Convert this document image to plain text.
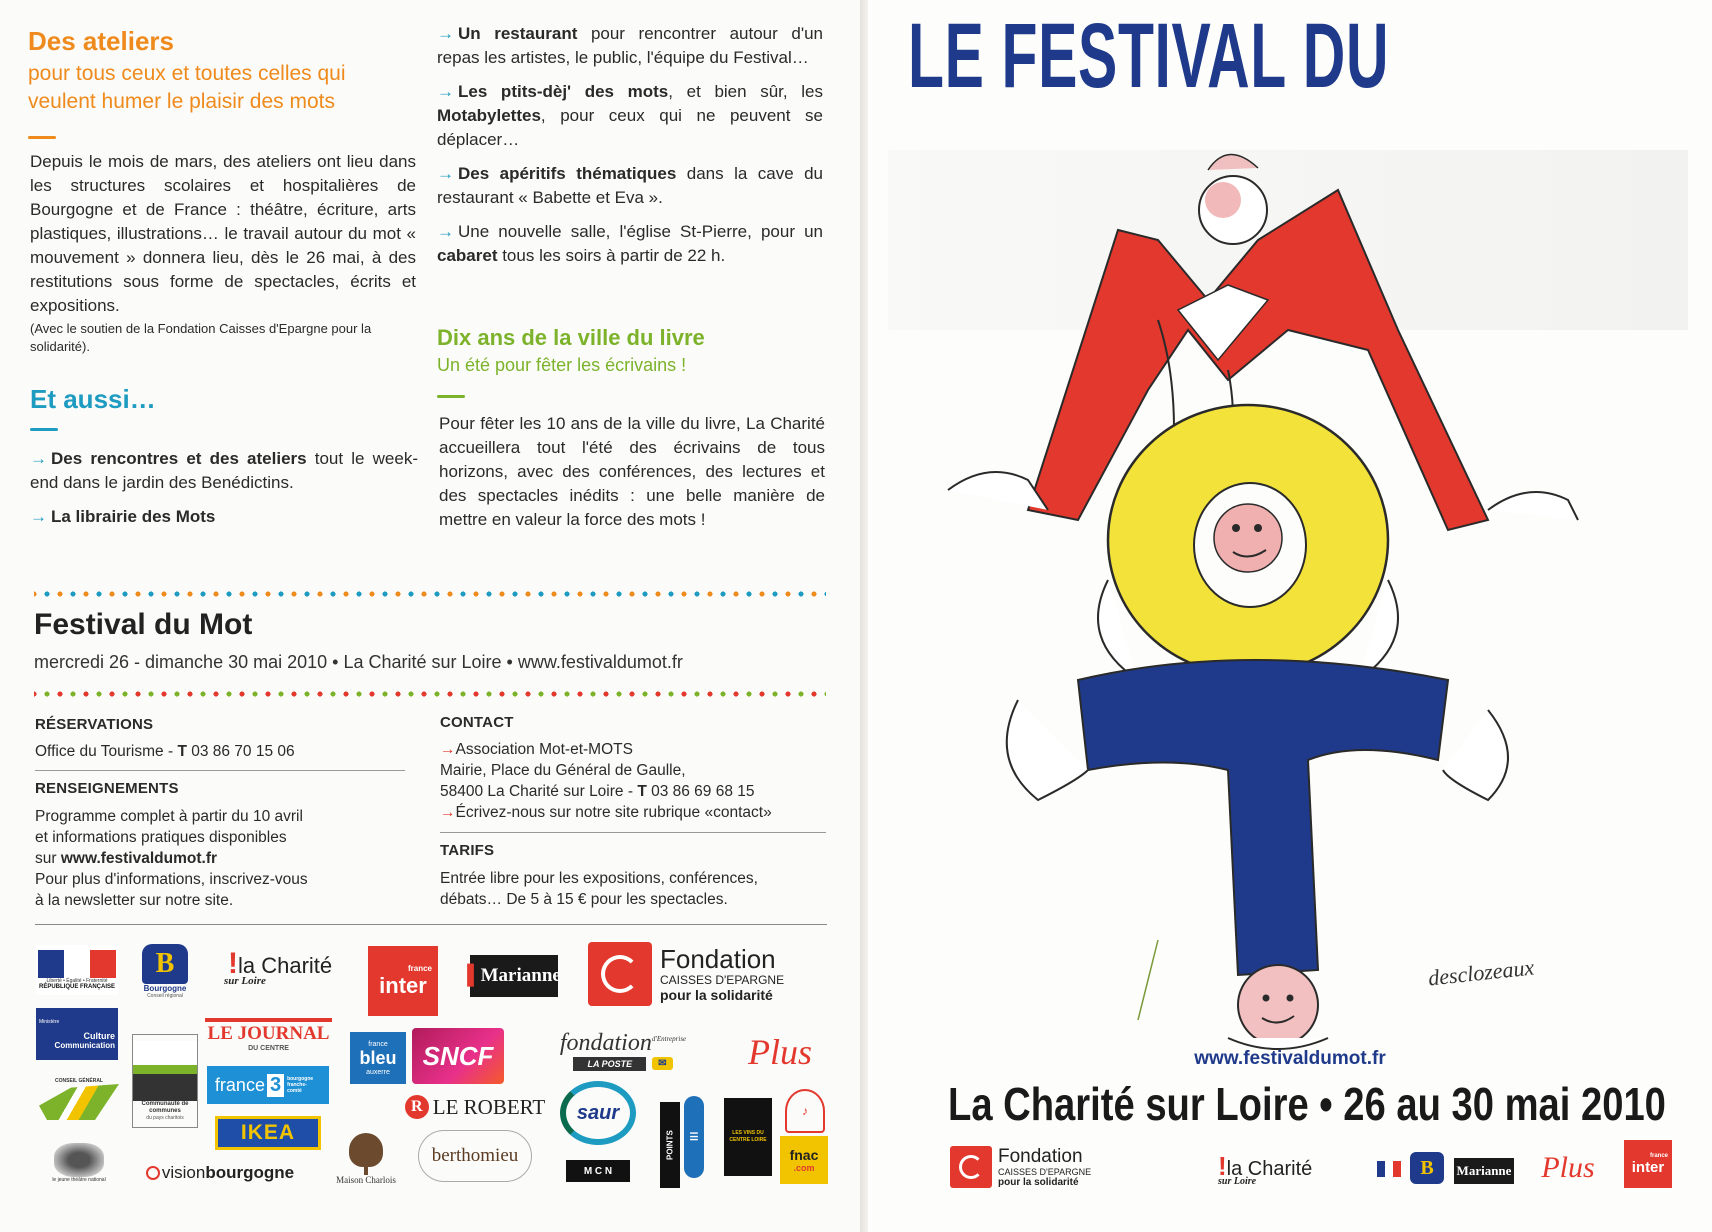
Des ateliers
pour tous ceux et toutes celles qui
veulent humer le plaisir des mots
Depuis le mois de mars, des ateliers ont lieu dans les structures scolaires et hospitalières de Bourgogne et de France : théâtre, écriture, arts plastiques, illustrations… le travail autour du mot « mouvement » donnera lieu, dès le 26 mai, à des restitutions sous forme de spectacles, écrits et expositions.
(Avec le soutien de la Fondation Caisses d'Epargne pour la solidarité).
Et aussi…

→ Des rencontres et des ateliers tout le week-end dans le jardin des Benédictins.

→ La librairie des Mots

→ Un restaurant pour rencontrer autour d'un repas les artistes, le public, l'équipe du Festival…

→ Les ptits-dèj' des mots, et bien sûr, les Motabylettes, pour ceux qui ne peuvent se déplacer…

→ Des apéritifs thématiques dans la cave du restaurant « Babette et Eva ».

→ Une nouvelle salle, l'église St-Pierre, pour un cabaret tous les soirs à partir de 22 h.

Dix ans de la ville du livre
Un été pour fêter les écrivains !
Pour fêter les 10 ans de la ville du livre, La Charité accueillera tout l'été des écrivains de tous horizons, avec des conférences, des lectures et des spectacles inédits : une belle manière de mettre en valeur la force des mots !
Festival du Mot
mercredi 26 - dimanche 30 mai 2010 • La Charité sur Loire • www.festivaldumot.fr
RÉSERVATIONS
Office du Tourisme - T 03 86 70 15 06
RENSEIGNEMENTS
Programme complet à partir du 10 avril
et informations pratiques disponibles
sur www.festivaldumot.fr
Pour plus d'informations, inscrivez-vous
à la newsletter sur notre site.
CONTACT
→Association Mot-et-MOTS
Mairie, Place du Général de Gaulle,
58400 La Charité sur Loire - T 03 86 69 68 15
→Écrivez-nous sur notre site rubrique «contact»
TARIFS
Entrée libre pour les expositions, conférences,
débats… De 5 à 15 € pour les spectacles.
Liberté • Égalité • Fraternité
RÉPUBLIQUE FRANÇAISE
B
Bourgogne
Conseil régional
! la Charité
sur Loire
france
inter ▌ Marianne
Fondation
CAISSES D'EPARGNE
pour la solidarité
Ministère
Culture
Communication
LE JOURNAL
DU CENTRE
france
bleu
auxerre
SNCF	fondation$^{d'Entreprise}$
LA POSTE	✉	Plus
CONSEIL GÉNÉRAL
Communauté de communes
du pays charitois
france 3	bourgogne franche-comté
R LE ROBERT	saur	♪
le jeune théâtre national
IKEA
vision bourgogne	Maison Charlois
berthomieu
M C N
POINTS	☰	LES VINS DU CENTRE LOIRE
fnac
.com
LE FESTIVAL DU
desclozeaux
www.festivaldumot.fr
La Charité sur Loire • 26 au 30 mai 2010
Fondation
CAISSES D'EPARGNE
pour la solidarité
! la Charité
sur Loire
B	Marianne Plus	france
inter
